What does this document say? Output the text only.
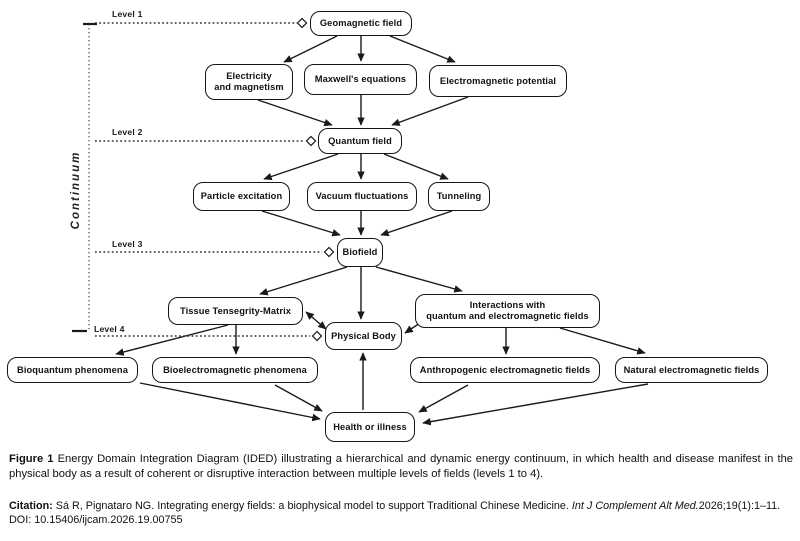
Level 1
Level 2
Level 3
Level 4
Continuum
Geomagnetic field
Electricity
and magnetism
Maxwell's equations	Electromagnetic potential
Quantum field
Particle excitation	Vacuum fluctuations	Tunneling
Biofield
Tissue Tensegrity-Matrix
Physical Body
Interactions with
quantum and electromagnetic fields
Bioquantum phenomena	Bioelectromagnetic phenomena	Anthropogenic electromagnetic fields	Natural electromagnetic fields
Health or illness
Figure 1 Energy Domain Integration Diagram (IDED) illustrating a hierarchical and dynamic energy continuum, in which health and disease manifest in the
physical body as a result of coherent or disruptive interaction between multiple levels of fields (levels 1 to 4).
Citation: Sá R, Pignataro NG. Integrating energy fields: a biophysical model to support Traditional Chinese Medicine. Int J Complement Alt Med.2026;19(1):1–11.
DOI: 10.15406/ijcam.2026.19.00755
